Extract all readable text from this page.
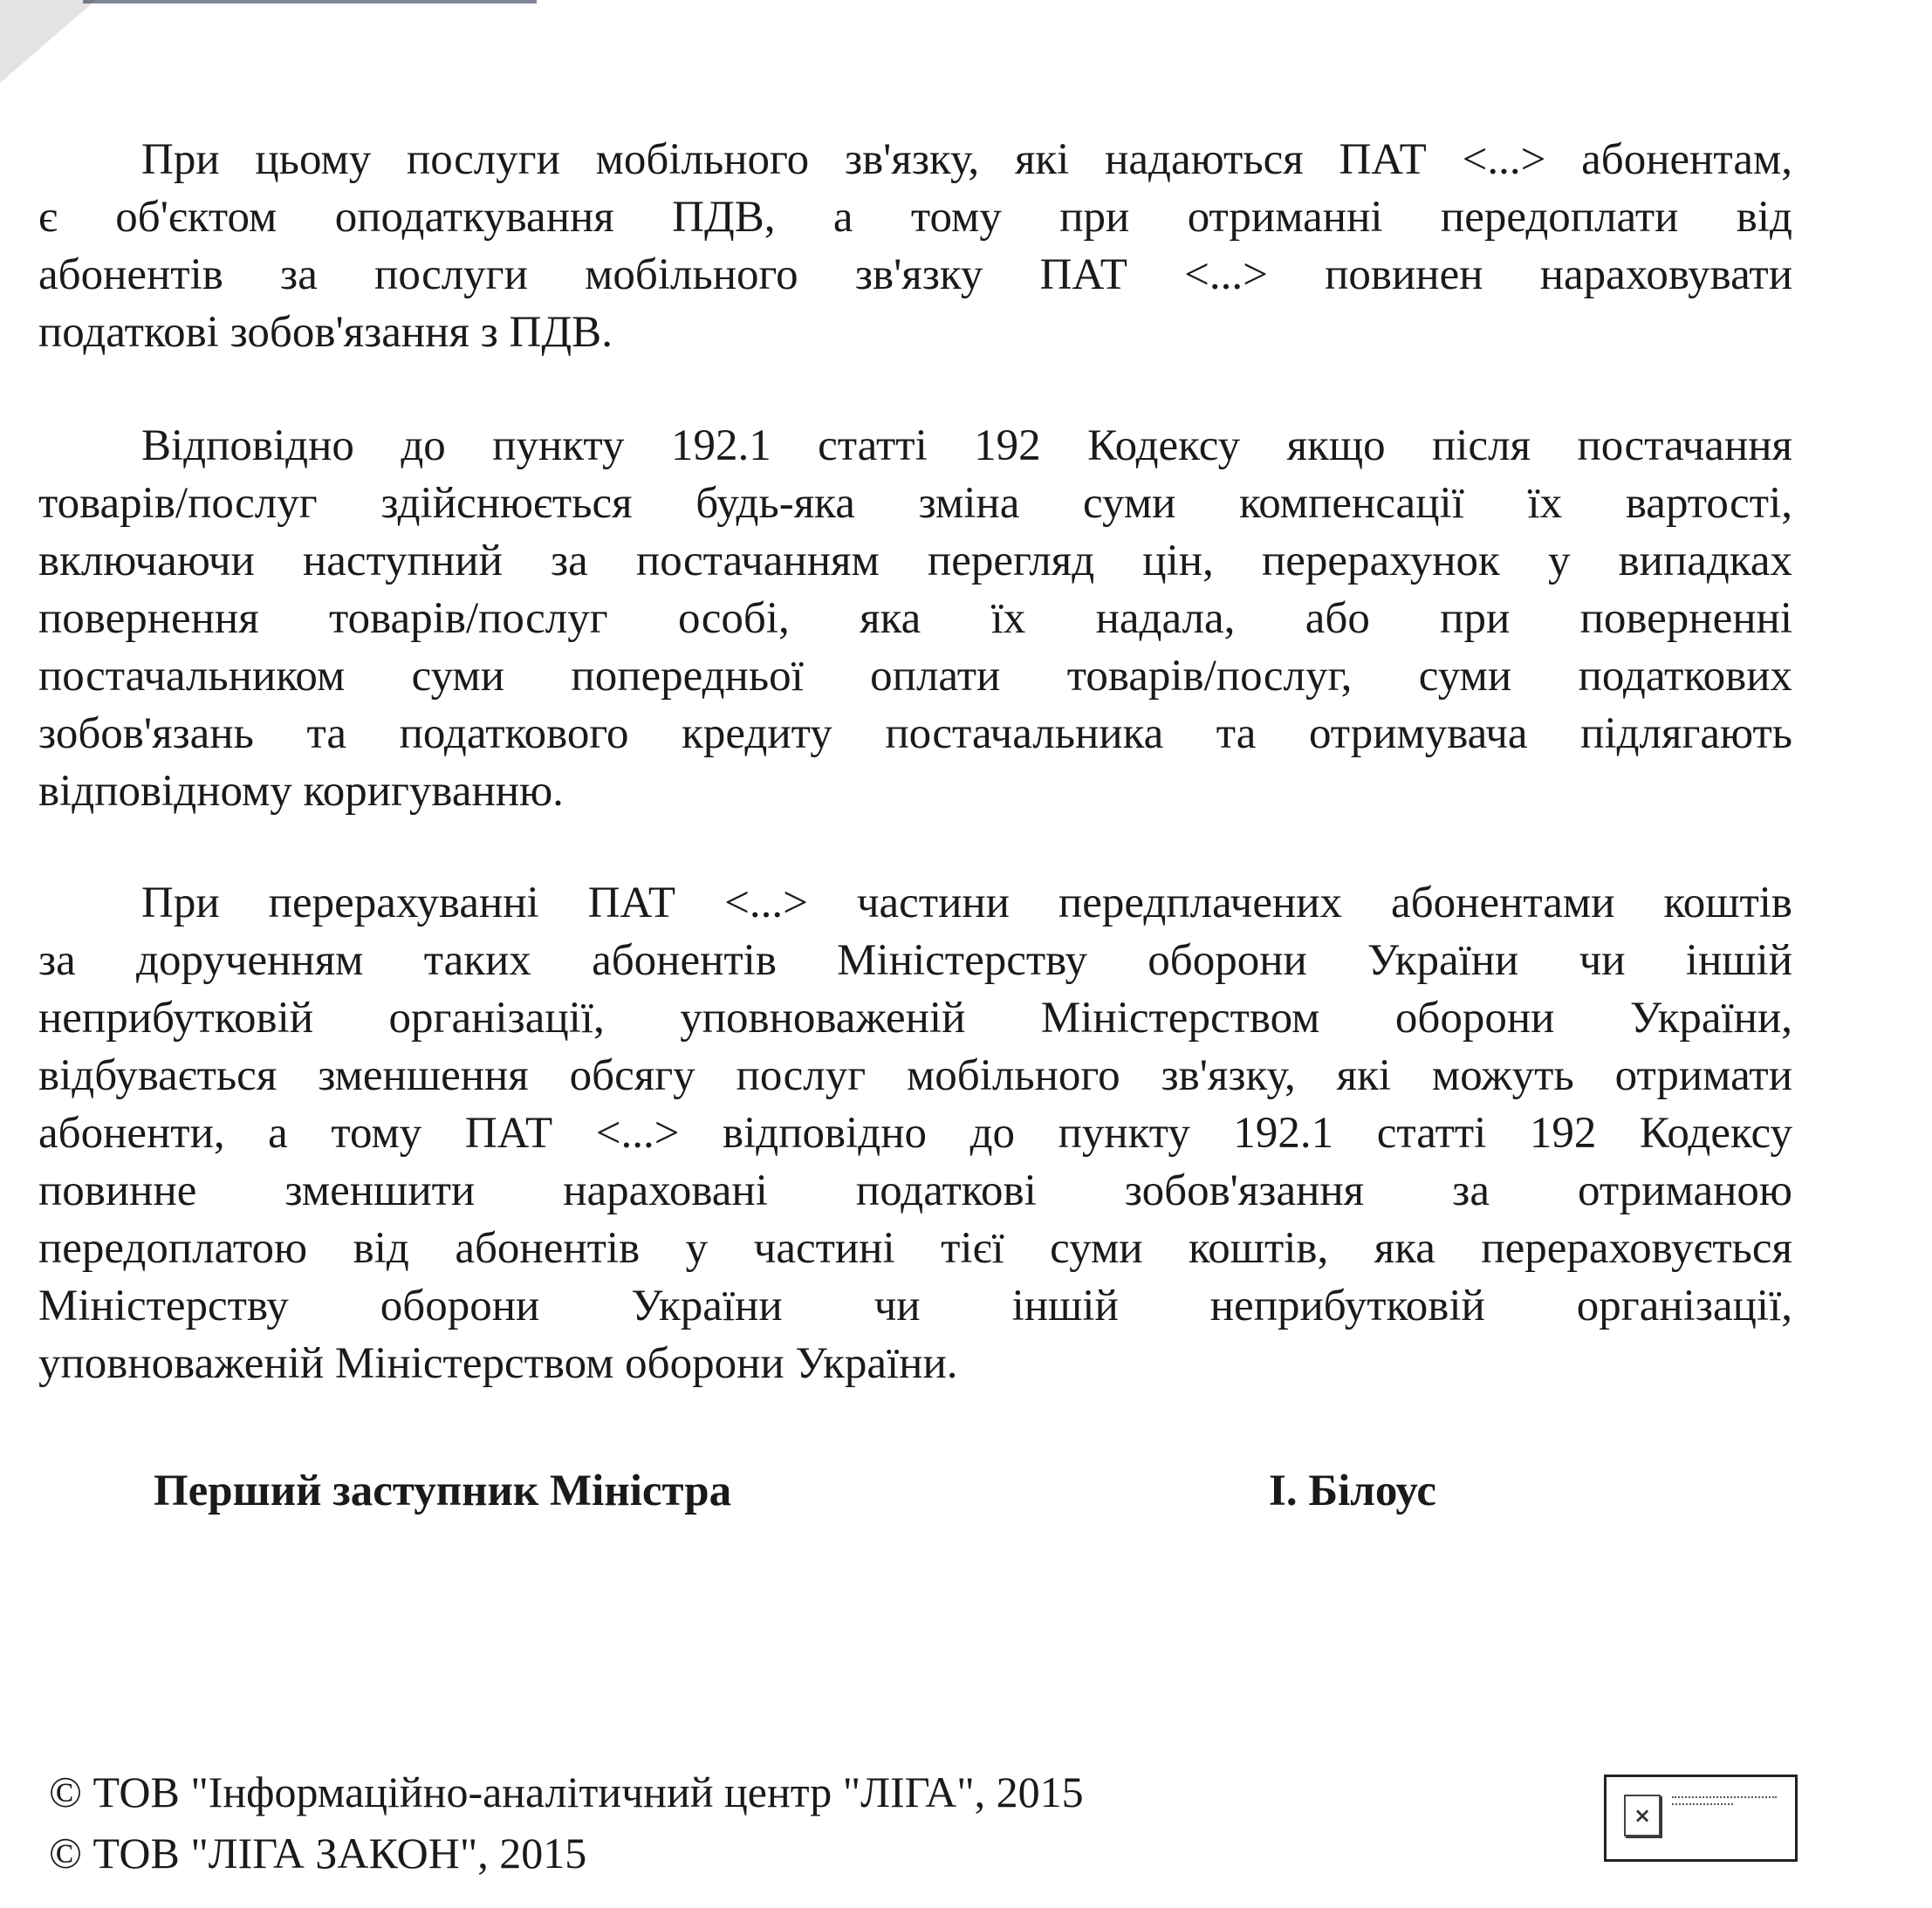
При цьому послуги мобільного зв'язку, які надаються ПАТ <...> абонентам,
є об'єктом оподаткування ПДВ, а тому при отриманні передоплати від
абонентів за послуги мобільного зв'язку ПАТ <...> повинен нараховувати
податкові зобов'язання з ПДВ.
Відповідно до пункту 192.1 статті 192 Кодексу якщо після постачання
товарів/послуг здійснюється будь-яка зміна суми компенсації їх вартості,
включаючи наступний за постачанням перегляд цін, перерахунок у випадках
повернення товарів/послуг особі, яка їх надала, або при поверненні
постачальником суми попередньої оплати товарів/послуг, суми податкових
зобов'язань та податкового кредиту постачальника та отримувача підлягають
відповідному коригуванню.
При перерахуванні ПАТ <...> частини передплачених абонентами коштів
за дорученням таких абонентів Міністерству оборони України чи іншій
неприбутковій організації, уповноваженій Міністерством оборони України,
відбувається зменшення обсягу послуг мобільного зв'язку, які можуть отримати
абоненти, а тому ПАТ <...> відповідно до пункту 192.1 статті 192 Кодексу
повинне зменшити нараховані податкові зобов'язання за отриманою
передоплатою від абонентів у частині тієї суми коштів, яка перераховується
Міністерству оборони України чи іншій неприбутковій організації,
уповноваженій Міністерством оборони України.
Перший заступник Міністра	І. Білоус
© ТОВ "Інформаційно-аналітичний центр "ЛІГА", 2015
© ТОВ "ЛІГА ЗАКОН", 2015
×
